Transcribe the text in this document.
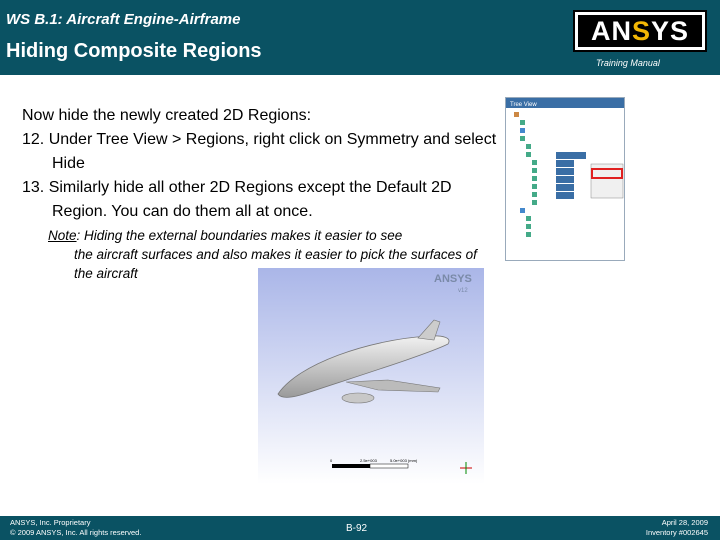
WS B.1: Aircraft Engine-Airframe
Hiding Composite Regions
ANSYS
Training Manual

Now hide the newly created 2D Regions:

12. Under Tree View > Regions, right click on Symmetry and select Hide

13. Similarly hide all other 2D Regions except the Default 2D Region. You can do them all at once.

Note: Hiding the external boundaries makes it easier to see
the aircraft surfaces and also makes it easier to pick the surfaces of the aircraft
Tree View
ANSYS
v12
0	2.5e+003	5.0e+003 (mm)
ANSYS, Inc. Proprietary
© 2009 ANSYS, Inc. All rights reserved.	B-92
April 28, 2009
Inventory #002645
